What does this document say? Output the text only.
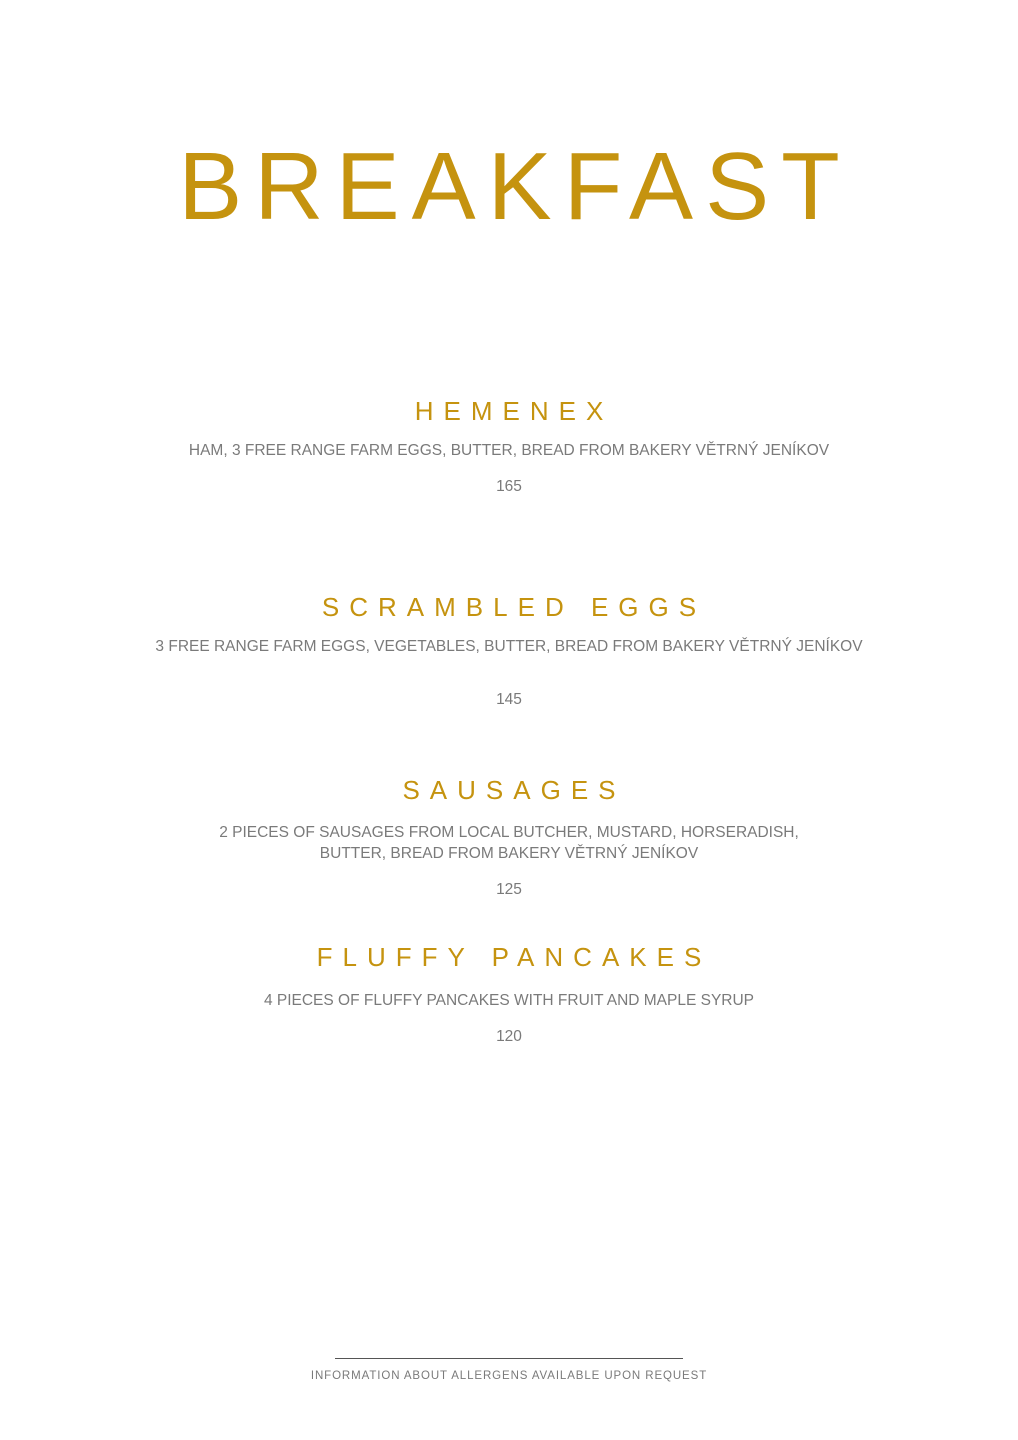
BREAKFAST
HEMENEX
HAM, 3 FREE RANGE FARM EGGS, BUTTER, BREAD FROM BAKERY VĚTRNÝ JENÍKOV
165
SCRAMBLED EGGS
3 FREE RANGE FARM EGGS, VEGETABLES, BUTTER, BREAD FROM BAKERY VĚTRNÝ JENÍKOV
145
SAUSAGES
2 PIECES OF SAUSAGES FROM LOCAL BUTCHER, MUSTARD, HORSERADISH,
BUTTER, BREAD FROM BAKERY VĚTRNÝ JENÍKOV
125
FLUFFY PANCAKES
4 PIECES OF FLUFFY PANCAKES WITH FRUIT AND MAPLE SYRUP
120
INFORMATION ABOUT ALLERGENS AVAILABLE UPON REQUEST
